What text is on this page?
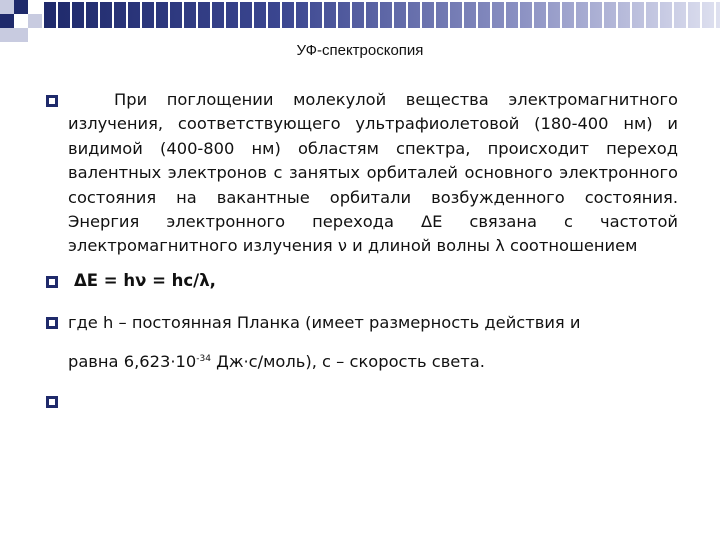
УФ-спектроскопия
При поглощении молекулой вещества электромагнитного излучения, соответствующего ультрафиолетовой (180-400 нм) и видимой (400-800 нм) областям спектра, происходит переход валентных электронов с занятых орбиталей основного электронного состояния на вакантные орбитали возбужденного состояния. Энергия электронного перехода ΔE связана с частотой электромагнитного излучения ν и длиной волны λ соотношением
ΔE = hν = hc/λ,
где h – постоянная Планка (имеет размерность действия и
равна $6,623\cdot 10^{-34}$ Дж·с/моль), с – скорость света.
